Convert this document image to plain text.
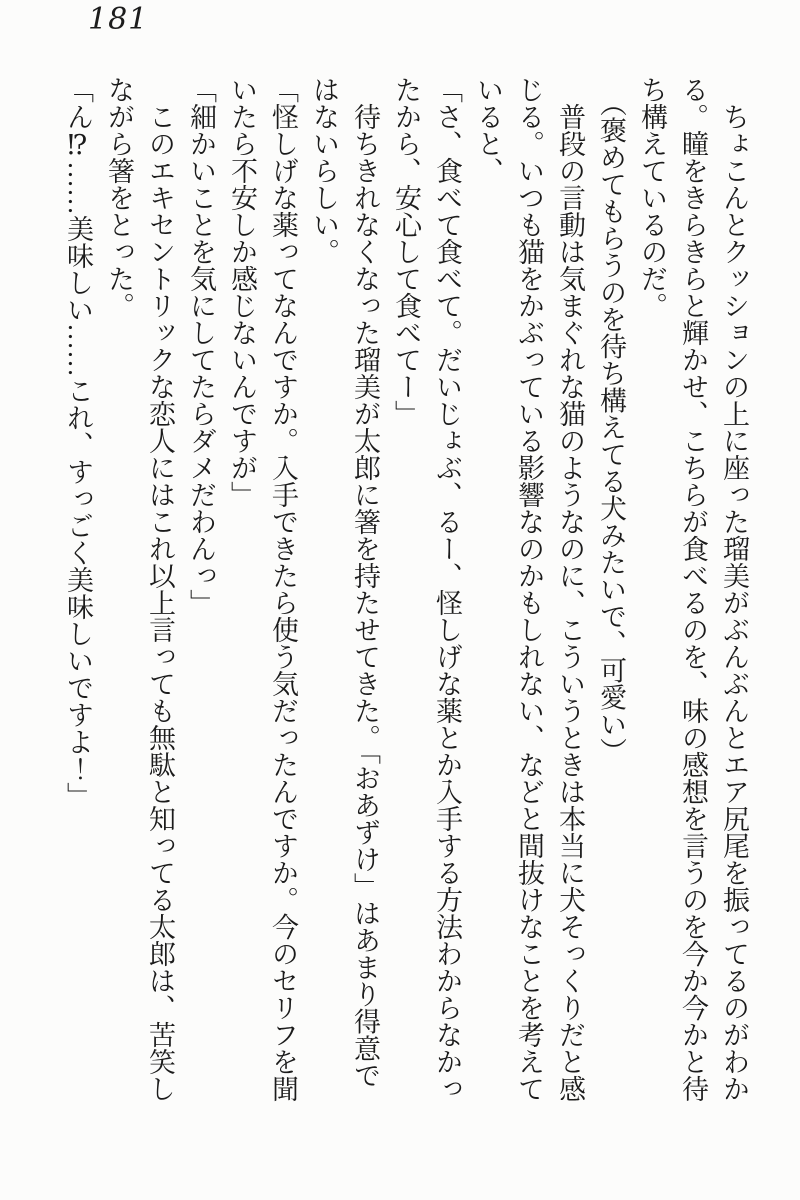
181

　ちょこんとクッションの上に座った瑠美がぶんぶんとエア尻尾を振ってるのがわかる。瞳をきらきらと輝かせ、こちらが食べるのを、味の感想を言うのを今か今かと待ち構えているのだ。

　（褒めてもらうのを待ち構えてる犬みたいで、可愛い）

　普段の言動は気まぐれな猫のようなのに、こういうときは本当に犬そっくりだと感じる。いつも猫をかぶっている影響なのかもしれない、などと間抜けなことを考えていると、

「さ、食べて食べて。だいじょぶ、るー、怪しげな薬とか入手する方法わからなかったから、安心して食べてー」

　待ちきれなくなった瑠美が太郎に箸を持たせてきた。「おあずけ」はあまり得意ではないらしい。

「怪しげな薬ってなんですか。入手できたら使う気だったんですか。今のセリフを聞いたら不安しか感じないんですが」

「細かいことを気にしてたらダメだわんっ」

　このエキセントリックな恋人にはこれ以上言っても無駄と知ってる太郎は、苦笑しながら箸をとった。

「ん⁉……美味しい……これ、すっごく美味しいですよ！」
